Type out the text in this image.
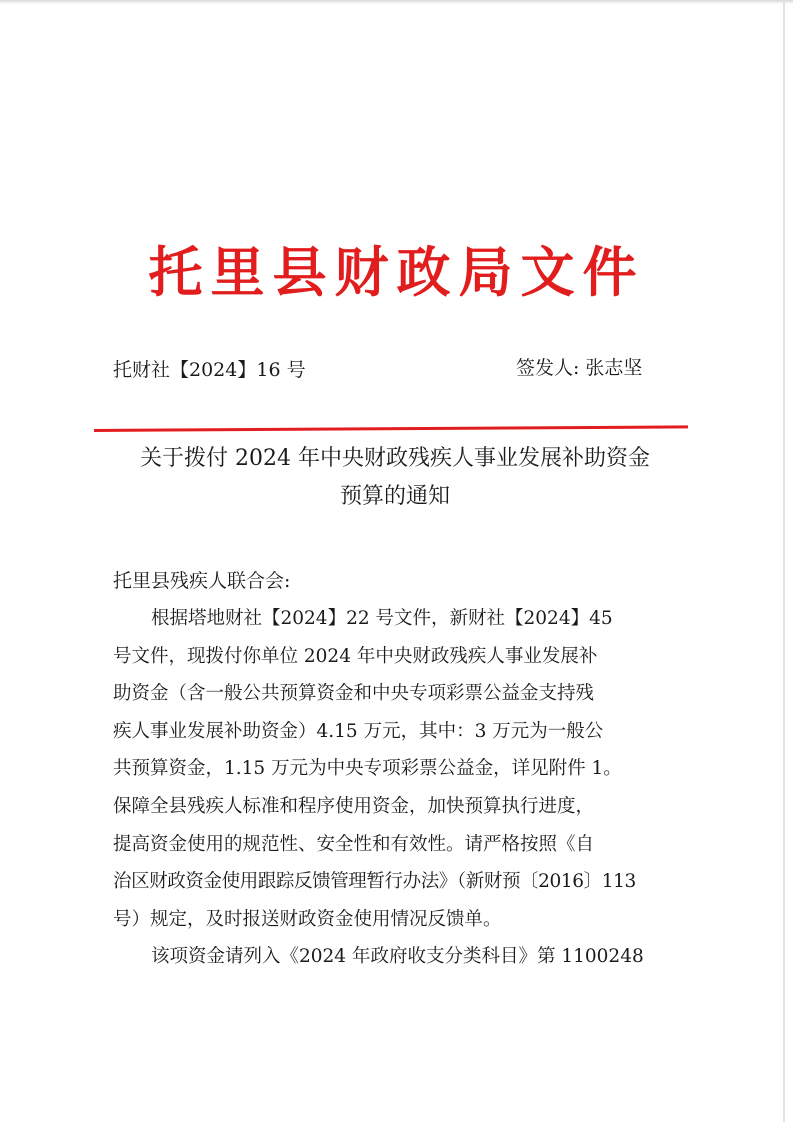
托里县财政局文件
托财社【2024】16 号	签发人: 张志坚
关于拨付 2024 年中央财政残疾人事业发展补助资金
预算的通知
托里县残疾人联合会:

根据塔地财社【2024】22 号文件，新财社【2024】45
号文件，现拨付你单位 2024 年中央财政残疾人事业发展补
助资金（含一般公共预算资金和中央专项彩票公益金支持残
疾人事业发展补助资金）4.15 万元，其中：3 万元为一般公
共预算资金，1.15 万元为中央专项彩票公益金，详见附件 1。
保障全县残疾人标准和程序使用资金，加快预算执行进度，
提高资金使用的规范性、安全性和有效性。请严格按照《自
治区财政资金使用跟踪反馈管理暂行办法》（新财预〔2016〕113
号）规定，及时报送财政资金使用情况反馈单。

该项资金请列入《2024 年政府收支分类科目》第 1100248
